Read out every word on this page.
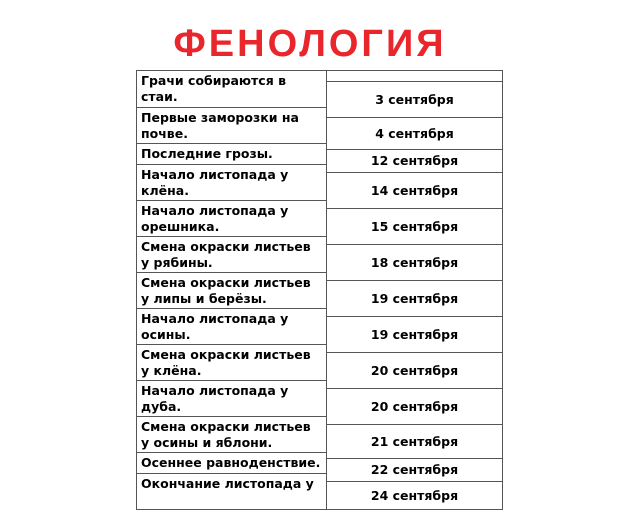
ФЕНОЛОГИЯ
Грачи собираются в стаи.	
3 сентября
Первые заморозки на почве.
4 сентября
Последние грозы.
12 сентября
Начало листопада у клёна.
14 сентября
Начало листопада у орешника.
15 сентября
Смена окраски листьев у рябины.
18 сентября
Смена окраски листьев у липы и берёзы.
19 сентября
Начало листопада у осины.
19 сентября
Смена окраски листьев у клёна.
20 сентября
Начало листопада у дуба.
20 сентября
Смена окраски листьев у осины и яблони.
21 сентября
Осеннее равноденствие.
22 сентября
Окончание листопада у
24 сентября
